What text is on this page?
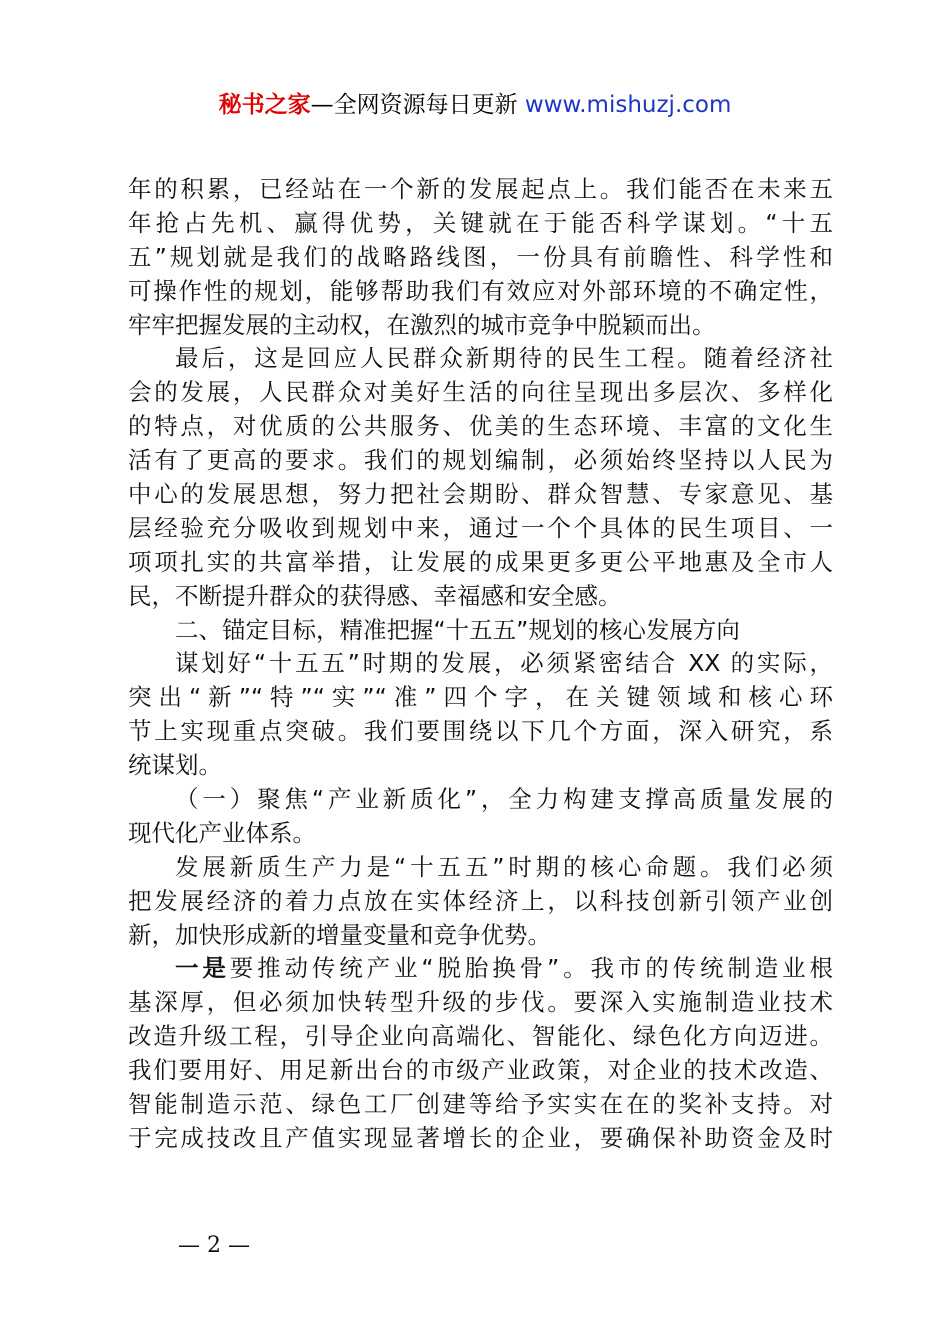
秘书之家—全网资源每日更新 www.mishuzj.com
年的积累，已经站在一个新的发展起点上。我们能否在未来五
年抢占先机、赢得优势，关键就在于能否科学谋划。“十五
五”规划就是我们的战略路线图，一份具有前瞻性、科学性和
可操作性的规划，能够帮助我们有效应对外部环境的不确定性，
牢牢把握发展的主动权，在激烈的城市竞争中脱颖而出。
最后，这是回应人民群众新期待的民生工程。随着经济社
会的发展，人民群众对美好生活的向往呈现出多层次、多样化
的特点，对优质的公共服务、优美的生态环境、丰富的文化生
活有了更高的要求。我们的规划编制，必须始终坚持以人民为
中心的发展思想，努力把社会期盼、群众智慧、专家意见、基
层经验充分吸收到规划中来，通过一个个具体的民生项目、一
项项扎实的共富举措，让发展的成果更多更公平地惠及全市人
民，不断提升群众的获得感、幸福感和安全感。
二、锚定目标，精准把握“十五五”规划的核心发展方向
谋划好“十五五”时期的发展，必须紧密结合 XX 的实际，
突出“新”“特”“实”“准”四个字，在关键领域和核心环
节上实现重点突破。我们要围绕以下几个方面，深入研究，系
统谋划。
（一）聚焦“产业新质化”，全力构建支撑高质量发展的
现代化产业体系。
发展新质生产力是“十五五”时期的核心命题。我们必须
把发展经济的着力点放在实体经济上，以科技创新引领产业创
新，加快形成新的增量变量和竞争优势。
一是要推动传统产业“脱胎换骨”。我市的传统制造业根
基深厚，但必须加快转型升级的步伐。要深入实施制造业技术
改造升级工程，引导企业向高端化、智能化、绿色化方向迈进。
我们要用好、用足新出台的市级产业政策，对企业的技术改造、
智能制造示范、绿色工厂创建等给予实实在在的奖补支持。对
于完成技改且产值实现显著增长的企业，要确保补助资金及时
— 2 —
